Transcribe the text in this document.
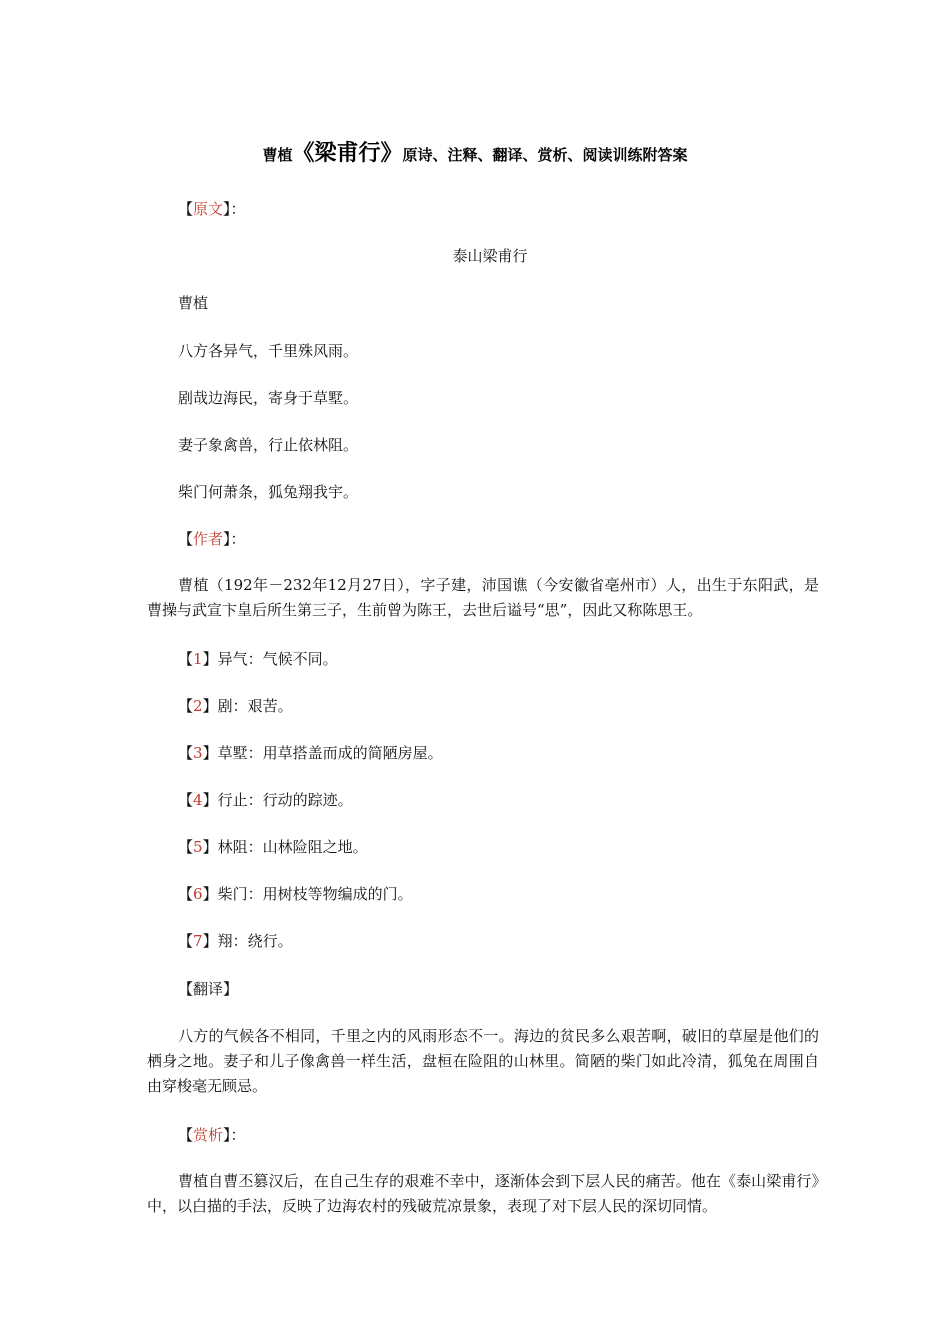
曹植《梁甫行》原诗、注释、翻译、赏析、阅读训练附答案
【原文】：
泰山梁甫行
曹植
八方各异气，千里殊风雨。
剧哉边海民，寄身于草墅。
妻子象禽兽，行止依林阻。
柴门何萧条，狐兔翔我宇。
【作者】：
曹植（192年－232年12月27日），字子建，沛国谯（今安徽省亳州市）人，出生于东阳武，是曹操与武宣卞皇后所生第三子，生前曾为陈王，去世后谥号“思”，因此又称陈思王。
【1】异气：气候不同。
【2】剧：艰苦。
【3】草墅：用草搭盖而成的简陋房屋。
【4】行止：行动的踪迹。
【5】林阻：山林险阻之地。
【6】柴门：用树枝等物编成的门。
【7】翔：绕行。
【翻译】
八方的气候各不相同，千里之内的风雨形态不一。海边的贫民多么艰苦啊，破旧的草屋是他们的栖身之地。妻子和儿子像禽兽一样生活，盘桓在险阻的山林里。简陋的柴门如此冷清，狐兔在周围自由穿梭毫无顾忌。
【赏析】：
曹植自曹丕篡汉后，在自己生存的艰难不幸中，逐渐体会到下层人民的痛苦。他在《泰山梁甫行》中，以白描的手法，反映了边海农村的残破荒凉景象，表现了对下层人民的深切同情。
